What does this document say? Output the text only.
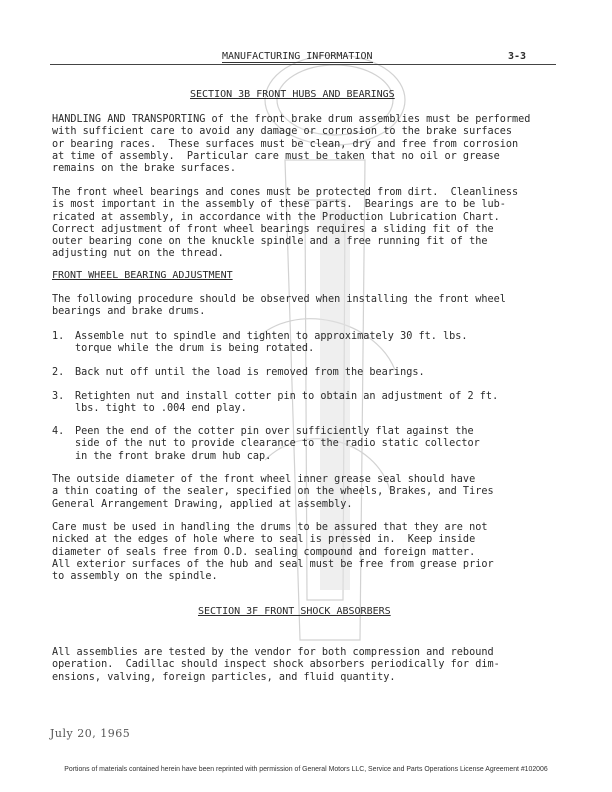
MANUFACTURING INFORMATION	3-3
SECTION 3B FRONT HUBS AND BEARINGS
HANDLING AND TRANSPORTING of the front brake drum assemblies must be performed
with sufficient care to avoid any damage or corrosion to the brake surfaces
or bearing races.  These surfaces must be clean, dry and free from corrosion
at time of assembly.  Particular care must be taken that no oil or grease
remains on the brake surfaces.
The front wheel bearings and cones must be protected from dirt.  Cleanliness
is most important in the assembly of these parts.  Bearings are to be lub-
ricated at assembly, in accordance with the Production Lubrication Chart.
Correct adjustment of front wheel bearings requires a sliding fit of the
outer bearing cone on the knuckle spindle and a free running fit of the
adjusting nut on the thread.
FRONT WHEEL BEARING ADJUSTMENT
The following procedure should be observed when installing the front wheel
bearings and brake drums.
1. Assemble nut to spindle and tighten to approximately 30 ft. lbs.
torque while the drum is being rotated.
2. Back nut off until the load is removed from the bearings.
3. Retighten nut and install cotter pin to obtain an adjustment of 2 ft.
lbs. tight to .004 end play.
4. Peen the end of the cotter pin over sufficiently flat against the
side of the nut to provide clearance to the radio static collector
in the front brake drum hub cap.
The outside diameter of the front wheel inner grease seal should have
a thin coating of the sealer, specified on the wheels, Brakes, and Tires
General Arrangement Drawing, applied at assembly.
Care must be used in handling the drums to be assured that they are not
nicked at the edges of hole where to seal is pressed in.  Keep inside
diameter of seals free from O.D. sealing compound and foreign matter.
All exterior surfaces of the hub and seal must be free from grease prior
to assembly on the spindle.
SECTION 3F FRONT SHOCK ABSORBERS
All assemblies are tested by the vendor for both compression and rebound
operation.  Cadillac should inspect shock absorbers periodically for dim-
ensions, valving, foreign particles, and fluid quantity.
July 20, 1965
Portions of materials contained herein have been reprinted with permission of General Motors LLC, Service and Parts Operations License Agreement #102006
